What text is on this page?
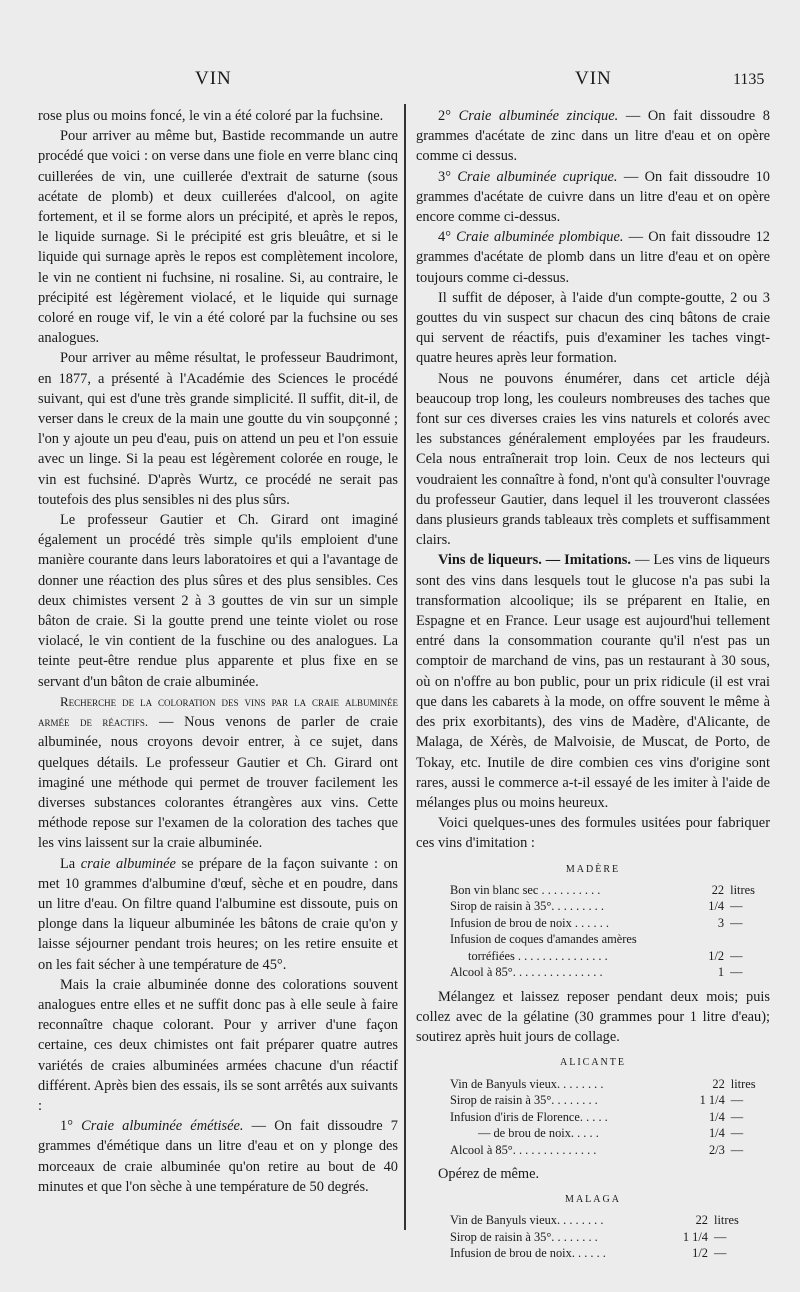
VIN	VIN	1135

rose plus ou moins foncé, le vin a été coloré par la fuchsine.

Pour arriver au même but, Bastide recommande un autre procédé que voici : on verse dans une fiole en verre blanc cinq cuillerées de vin, une cuillerée d'extrait de saturne (sous acétate de plomb) et deux cuillerées d'alcool, on agite fortement, et il se forme alors un précipité, et après le repos, le liquide surnage. Si le précipité est gris bleuâtre, et si le liquide qui surnage après le repos est complètement incolore, le vin ne contient ni fuchsine, ni rosaline. Si, au contraire, le précipité est légèrement violacé, et le liquide qui surnage coloré en rouge vif, le vin a été coloré par la fuchsine ou ses analogues.

Pour arriver au même résultat, le professeur Baudrimont, en 1877, a présenté à l'Académie des Sciences le procédé suivant, qui est d'une très grande simplicité. Il suffit, dit-il, de verser dans le creux de la main une goutte du vin soupçonné ; l'on y ajoute un peu d'eau, puis on attend un peu et l'on essuie avec un linge. Si la peau est légèrement colorée en rouge, le vin est fuchsiné. D'après Wurtz, ce procédé ne serait pas toutefois des plus sensibles ni des plus sûrs.

Le professeur Gautier et Ch. Girard ont imaginé également un procédé très simple qu'ils emploient d'une manière courante dans leurs laboratoires et qui a l'avantage de donner une réaction des plus sûres et des plus sensibles. Ces deux chimistes versent 2 à 3 gouttes de vin sur un simple bâton de craie. Si la goutte prend une teinte violet ou rose violacé, le vin contient de la fuschine ou des analogues. La teinte peut-être rendue plus apparente et plus fixe en se servant d'un bâton de craie albuminée.

Recherche de la coloration des vins par la craie albuminée armée de réactifs. — Nous venons de parler de craie albuminée, nous croyons devoir entrer, à ce sujet, dans quelques détails. Le professeur Gautier et Ch. Girard ont imaginé une méthode qui permet de trouver facilement les diverses substances colorantes étrangères aux vins. Cette méthode repose sur l'examen de la coloration des taches que les vins laissent sur la craie albuminée.

La craie albuminée se prépare de la façon suivante : on met 10 grammes d'albumine d'œuf, sèche et en poudre, dans un litre d'eau. On filtre quand l'albumine est dissoute, puis on plonge dans la liqueur albuminée les bâtons de craie qu'on y laisse séjourner pendant trois heures; on les retire ensuite et on les fait sécher à une température de 45°.

Mais la craie albuminée donne des colorations souvent analogues entre elles et ne suffit donc pas à elle seule à faire reconnaître chaque colorant. Pour y arriver d'une façon certaine, ces deux chimistes ont fait préparer quatre autres variétés de craies albuminées armées chacune d'un réactif différent. Après bien des essais, ils se sont arrêtés aux suivants :

1° Craie albuminée émétisée. — On fait dissoudre 7 grammes d'émétique dans un litre d'eau et on y plonge des morceaux de craie albuminée qu'on retire au bout de 40 minutes et que l'on sèche à une température de 50 degrés.

2° Craie albuminée zincique. — On fait dissoudre 8 grammes d'acétate de zinc dans un litre d'eau et on opère comme ci dessus.

3° Craie albuminée cuprique. — On fait dissoudre 10 grammes d'acétate de cuivre dans un litre d'eau et on opère encore comme ci-dessus.

4° Craie albuminée plombique. — On fait dissoudre 12 grammes d'acétate de plomb dans un litre d'eau et on opère toujours comme ci-dessus.

Il suffit de déposer, à l'aide d'un compte-goutte, 2 ou 3 gouttes du vin suspect sur chacun des cinq bâtons de craie qui servent de réactifs, puis d'examiner les taches vingt-quatre heures après leur formation.

Nous ne pouvons énumérer, dans cet article déjà beaucoup trop long, les couleurs nombreuses des taches que font sur ces diverses craies les vins naturels et colorés avec les substances généralement employées par les fraudeurs. Cela nous entraînerait trop loin. Ceux de nos lecteurs qui voudraient les connaître à fond, n'ont qu'à consulter l'ouvrage du professeur Gautier, dans lequel il les trouveront classées dans plusieurs grands tableaux très complets et suffisamment clairs.

Vins de liqueurs. — Imitations. — Les vins de liqueurs sont des vins dans lesquels tout le glucose n'a pas subi la transformation alcoolique; ils se préparent en Italie, en Espagne et en France. Leur usage est aujourd'hui tellement entré dans la consommation courante qu'il n'est pas un comptoir de marchand de vins, pas un restaurant à 30 sous, où on n'offre au bon public, pour un prix ridicule (il est vrai que dans les cabarets à la mode, on offre souvent le même à des prix exorbitants), des vins de Madère, d'Alicante, de Malaga, de Xérès, de Malvoisie, de Muscat, de Porto, de Tokay, etc. Inutile de dire combien ces vins d'origine sont rares, aussi le commerce a-t-il essayé de les imiter à l'aide de mélanges plus ou moins heureux.

Voici quelques-unes des formules usitées pour fabriquer ces vins d'imitation :

MADÈRE
Bon vin blanc sec . . . . . . . . . .	22	litres
Sirop de raisin à 35°. . . . . . . . .	1/4	—
Infusion de brou de noix . . . . . .	3	—
Infusion de coques d'amandes amères		
torréfiées . . . . . . . . . . . . . . .	1/2	—
Alcool à 85°. . . . . . . . . . . . . . .	1	—

Mélangez et laissez reposer pendant deux mois; puis collez avec de la gélatine (30 grammes pour 1 litre d'eau); soutirez après huit jours de collage.

ALICANTE
Vin de Banyuls vieux. . . . . . . .	22	litres
Sirop de raisin à 35°. . . . . . . .	1 1/4	—
Infusion d'iris de Florence. . . . .	1/4	—
— de brou de noix. . . . .	1/4	—
Alcool à 85°. . . . . . . . . . . . . .	2/3	—

Opérez de même.

MALAGA
Vin de Banyuls vieux. . . . . . . .	22	litres
Sirop de raisin à 35°. . . . . . . .	1 1/4	—
Infusion de brou de noix. . . . . .	1/2	—
